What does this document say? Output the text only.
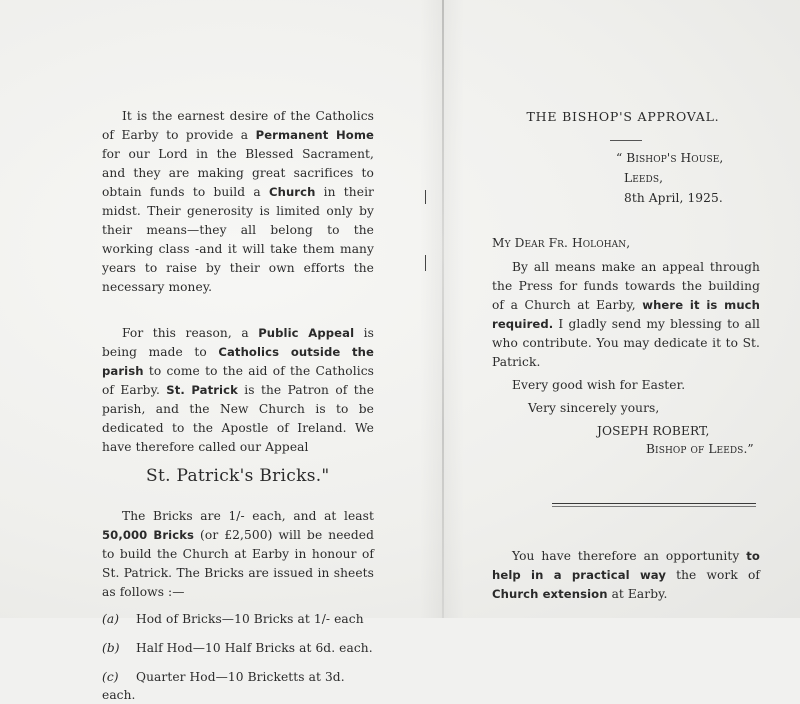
It is the earnest desire of the Catholics of Earby to provide a Permanent Home for our Lord in the Blessed Sacrament, and they are making great sacrifices to obtain funds to build a Church in their midst. Their generosity is limited only by their means—they all belong to the working class -and it will take them many years to raise by their own efforts the necessary money.

For this reason, a Public Appeal is being made to Catholics outside the parish to come to the aid of the Catholics of Earby. St. Patrick is the Patron of the parish, and the New Church is to be dedicated to the Apostle of Ireland. We have therefore called our Appeal

St. Patrick's Bricks."

The Bricks are 1/- each, and at least 50,000 Bricks (or £2,500) will be needed to build the Church at Earby in honour of St. Patrick. The Bricks are issued in sheets as follows :—

(a) Hod of Bricks—10 Bricks at 1/- each

(b) Half Hod—10 Half Bricks at 6d. each.

(c) Quarter Hod—10 Bricketts at 3d. each.

THE BISHOP'S APPROVAL.

“ Bishop's House,

Leeds,

8th April, 1925.

My Dear Fr. Holohan,

By all means make an appeal through the Press for funds towards the building of a Church at Earby, where it is much required. I gladly send my blessing to all who contribute. You may dedicate it to St. Patrick.

Every good wish for Easter.

Very sincerely yours,

JOSEPH ROBERT,

Bishop of Leeds.”

You have therefore an opportunity to help in a practical way the work of Church extension at Earby.
